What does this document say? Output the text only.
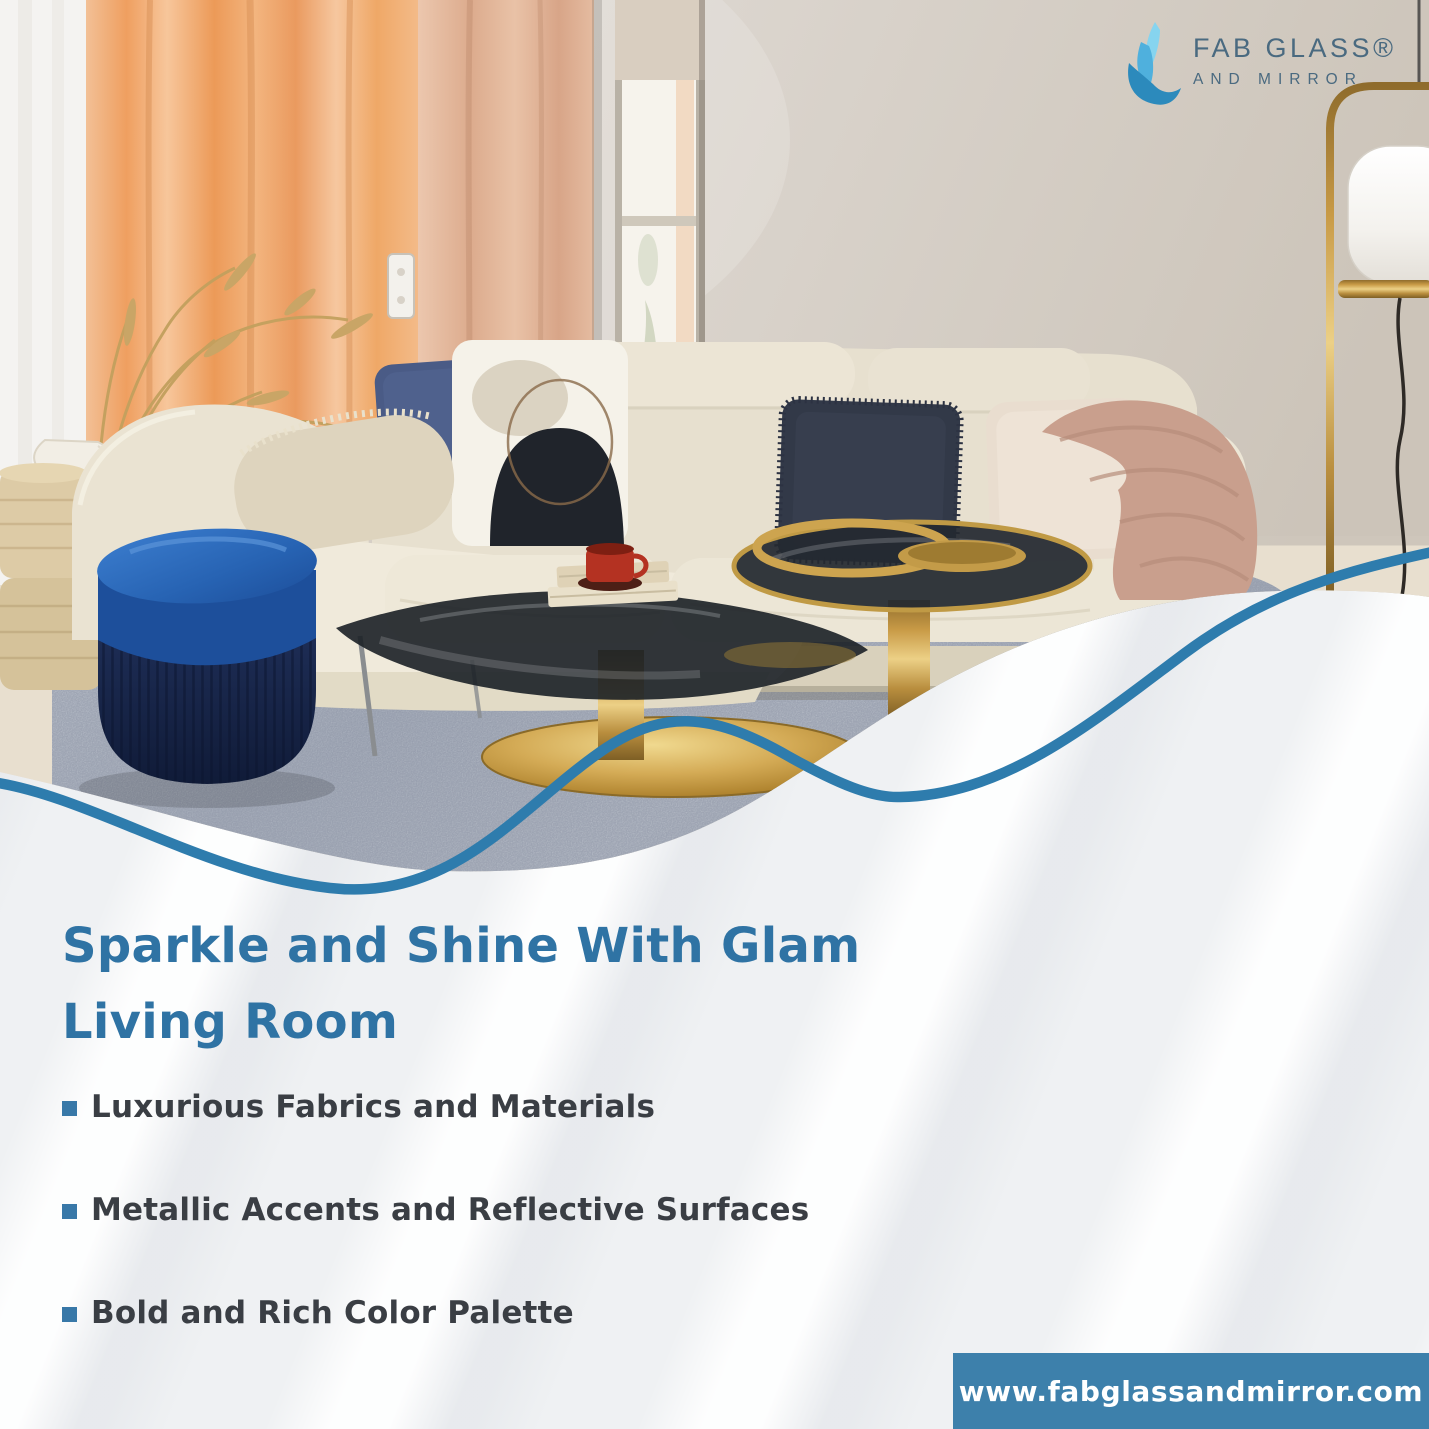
FAB GLASS®
AND MIRROR
Sparkle and Shine With Glam
Living Room
Luxurious Fabrics and Materials
Metallic Accents and Reflective Surfaces
Bold and Rich Color Palette
www.fabglassandmirror.com
